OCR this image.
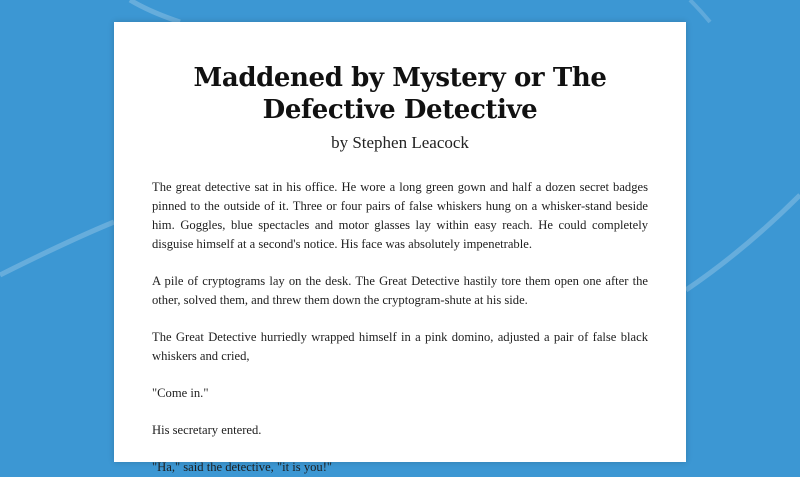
Maddened by Mystery or The Defective Detective
by Stephen Leacock

The great detective sat in his office. He wore a long green gown and half a dozen secret badges pinned to the outside of it. Three or four pairs of false whiskers hung on a whisker-stand beside him. Goggles, blue spectacles and motor glasses lay within easy reach. He could completely disguise himself at a second's notice. His face was absolutely impenetrable.

A pile of cryptograms lay on the desk. The Great Detective hastily tore them open one after the other, solved them, and threw them down the cryptogram-shute at his side.

The Great Detective hurriedly wrapped himself in a pink domino, adjusted a pair of false black whiskers and cried,

"Come in."

His secretary entered.

"Ha," said the detective, "it is you!"
